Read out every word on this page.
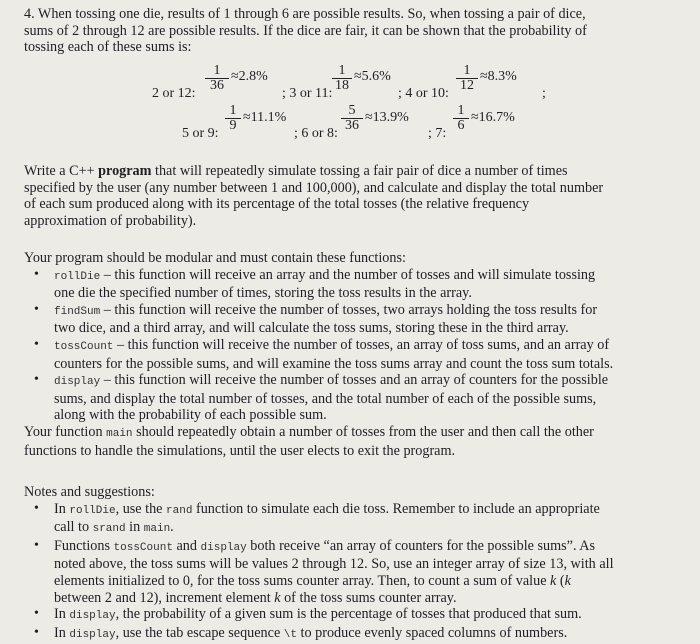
4. When tossing one die, results of 1 through 6 are possible results. So, when tossing a pair of dice,
sums of 2 through 12 are possible results. If the dice are fair, it can be shown that the probability of
tossing each of these sums is:
2 or 12:
$\frac{1}{36} \approx 2.8\%$
; 3 or 11:
$\frac{1}{18} \approx 5.6\%$
; 4 or 10:
$\frac{1}{12} \approx 8.3\%$
;
5 or 9:
$\frac{1}{9} \approx 11.1\%$
; 6 or 8:
$\frac{5}{36} \approx 13.9\%$
; 7:
$\frac{1}{6} \approx 16.7\%$
Write a C++ program that will repeatedly simulate tossing a fair pair of dice a number of times
specified by the user (any number between 1 and 100,000), and calculate and display the total number
of each sum produced along with its percentage of the total tosses (the relative frequency
approximation of probability).
Your program should be modular and must contain these functions:
• rollDie – this function will receive an array and the number of tosses and will simulate tossing
one die the specified number of times, storing the toss results in the array.
• findSum – this function will receive the number of tosses, two arrays holding the toss results for
two dice, and a third array, and will calculate the toss sums, storing these in the third array.
• tossCount – this function will receive the number of tosses, an array of toss sums, and an array of
counters for the possible sums, and will examine the toss sums array and count the toss sum totals.
• display – this function will receive the number of tosses and an array of counters for the possible
sums, and display the total number of tosses, and the total number of each of the possible sums,
along with the probability of each possible sum.
Your function main should repeatedly obtain a number of tosses from the user and then call the other
functions to handle the simulations, until the user elects to exit the program.
Notes and suggestions:
• In rollDie, use the rand function to simulate each die toss. Remember to include an appropriate
call to srand in main.
• Functions tossCount and display both receive “an array of counters for the possible sums”. As
noted above, the toss sums will be values 2 through 12. So, use an integer array of size 13, with all
elements initialized to 0, for the toss sums counter array. Then, to count a sum of value k (k
between 2 and 12), increment element k of the toss sums counter array.
• In display, the probability of a given sum is the percentage of tosses that produced that sum.
• In display, use the tab escape sequence \t to produce evenly spaced columns of numbers.
